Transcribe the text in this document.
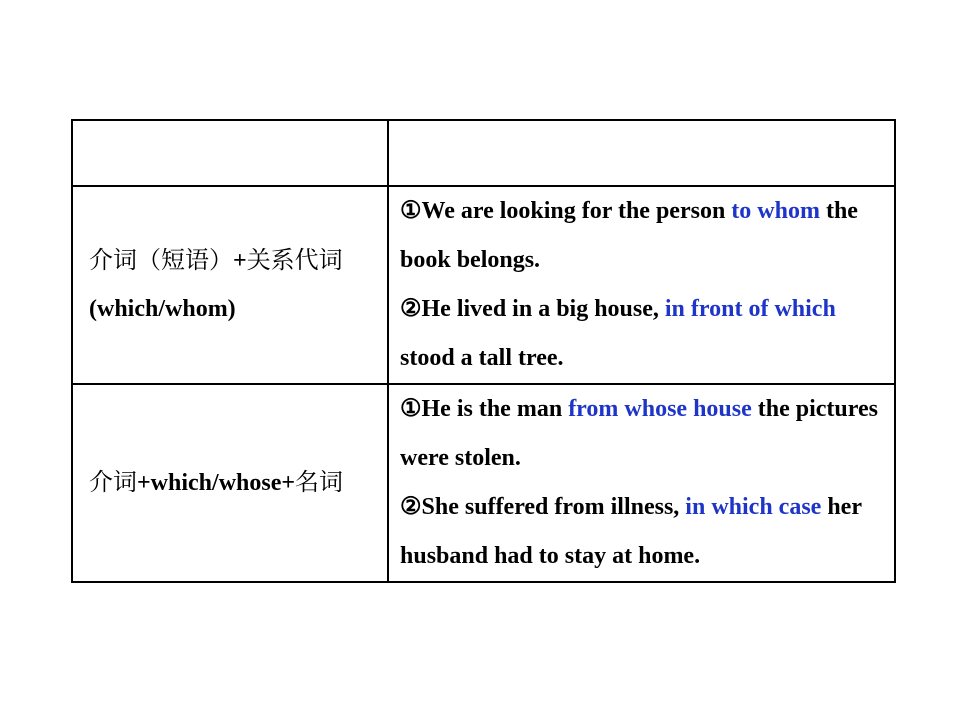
介词（短语）+关系代词 (which/whom)	①We are looking for the person to whom the book belongs.
②He lived in a big house, in front of which stood a tall tree.

介词+which/whose+名词	①He is the man from whose house the pictures were stolen.
②She suffered from illness, in which case her husband had to stay at home.
